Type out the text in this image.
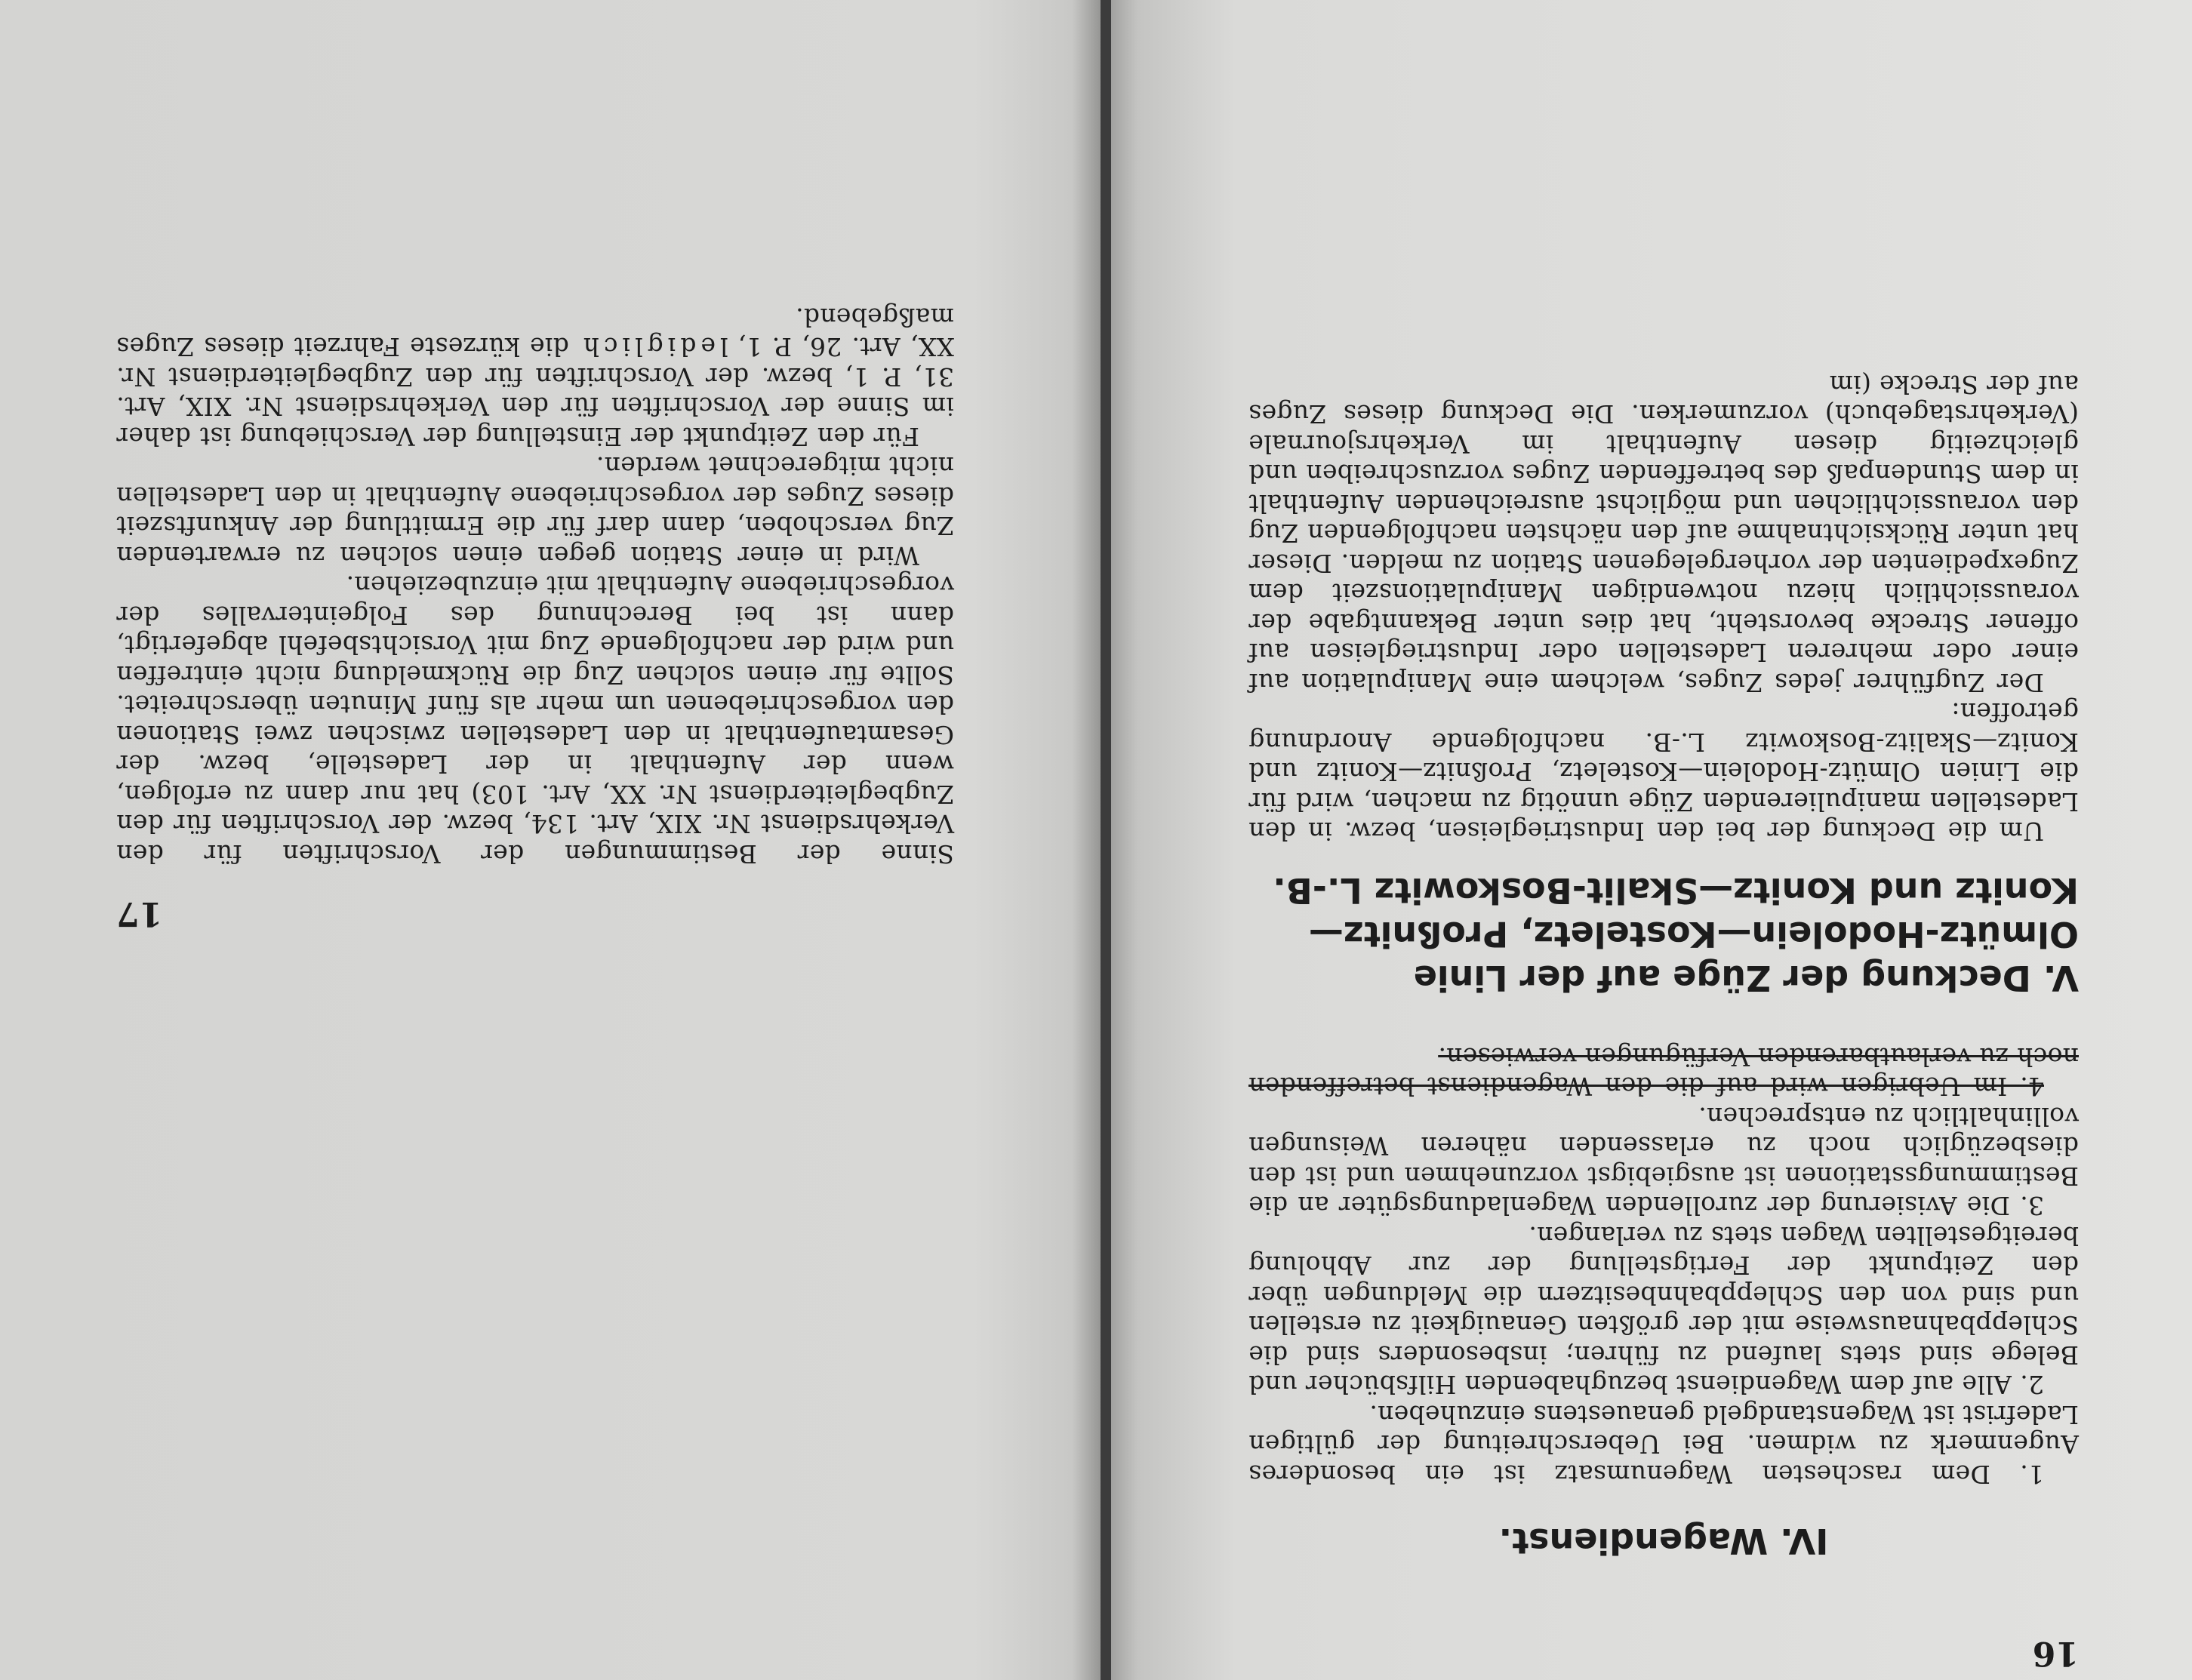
16
IV. Wagendienst.

1. Dem raschesten Wagenumsatz ist ein besonderes Augenmerk zu widmen. Bei Ueberschreitung der gültigen Ladefrist ist Wagenstandgeld genauestens einzuheben.

2. Alle auf dem Wagendienst bezughabenden Hilfsbücher und Belege sind stets laufend zu führen; insbesonders sind die Schleppbahnausweise mit der größten Genauigkeit zu erstellen und sind von den Schleppbahnbesitzern die Meldungen über den Zeitpunkt der Fertigstellung der zur Abholung bereitgestellten Wagen stets zu verlangen.

3. Die Avisierung der zurollenden Wagenladungsgüter an die Bestimmungsstationen ist ausgiebigst vorzunehmen und ist den diesbezüglich noch zu erlassenden näheren Weisungen vollinhaltlich zu entsprechen.

4. Im Uebrigen wird auf die den Wagendienst betreffenden noch zu verlautbarenden Verfügungen verwiesen.

V. Deckung der Züge auf der Linie Olmütz-Hodolein—Kosteletz, Proßnitz—Konitz und Konitz—Skalit-Boskowitz L.-B.

Um die Deckung der bei den Industriegleisen, bezw. in den Ladestellen manipulierenden Züge unnötig zu machen, wird für die Linien Olmütz-Hodolein—Kosteletz, Proßnitz—Konitz und Konitz—Skalitz-Boskowitz L.-B. nachfolgende Anordnung getroffen:

Der Zugführer jedes Zuges, welchem eine Manipulation auf einer oder mehreren Ladestellen oder Industriegleisen auf offener Strecke bevorsteht, hat dies unter Bekanntgabe der voraussichtlich hiezu notwendigen Manipulationszeit dem Zugexpedienten der vorhergelegenen Station zu melden. Dieser hat unter Rücksichtnahme auf den nächsten nachfolgenden Zug den voraussichtlichen und möglichst ausreichenden Aufenthalt in dem Stundenpaß des betreffenden Zuges vorzuschreiben und gleichzeitig diesen Aufenthalt im Verkehrsjournale (Verkehrstagebuch) vorzumerken. Die Deckung dieses Zuges auf der Strecke (im

17

Sinne der Bestimmungen der Vorschriften für den Verkehrsdienst Nr. XIX, Art. 134, bezw. der Vorschriften für den Zugbegleiterdienst Nr. XX, Art. 103) hat nur dann zu erfolgen, wenn der Aufenthalt in der Ladestelle, bezw. der Gesamtaufenthalt in den Ladestellen zwischen zwei Stationen den vorgeschriebenen um mehr als fünf Minuten überschreitet. Sollte für einen solchen Zug die Rückmeldung nicht eintreffen und wird der nachfolgende Zug mit Vorsichtsbefehl abgefertigt, dann ist bei Berechnung des Folgeintervalles der vorgeschriebene Aufenthalt mit einzubeziehen.

Wird in einer Station gegen einen solchen zu erwartenden Zug verschoben, dann darf für die Ermittlung der Ankunftszeit dieses Zuges der vorgeschriebene Aufenthalt in den Ladestellen nicht mitgerechnet werden.

Für den Zeitpunkt der Einstellung der Verschiebung ist daher im Sinne der Vorschriften für den Verkehrsdienst Nr. XIX, Art. 31, P. 1, bezw. der Vorschriften für den Zugbegleiterdienst Nr. XX, Art. 26, P. 1, lediglich die kürzeste Fahrzeit dieses Zuges maßgebend.
